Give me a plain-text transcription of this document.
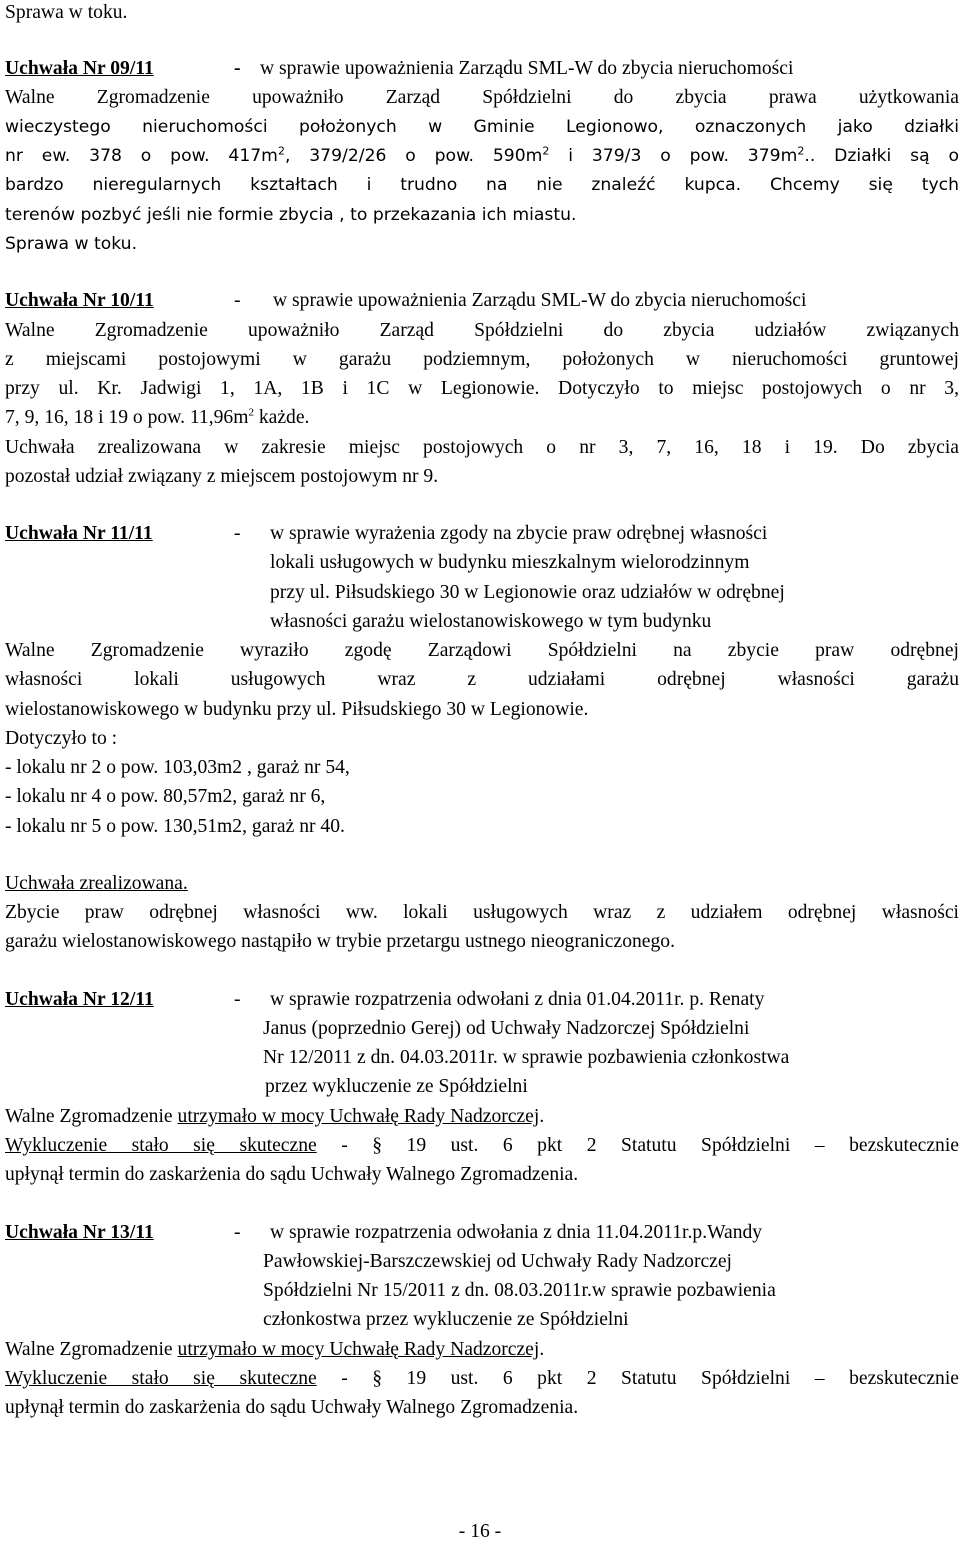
Sprawa w toku.
Uchwała Nr 09/11	- w sprawie upoważnienia Zarządu SML-W do zbycia nieruchomości
Walne Zgromadzenie upoważniło Zarząd Spółdzielni do zbycia prawa użytkowania
wieczystego nieruchomości położonych w Gminie Legionowo, oznaczonych jako działki
nr ew. 378 o pow. $417m^2$, 379/2/26 o pow. $590m^2$ i 379/3 o pow. $379m^2$.. Działki są o
bardzo nieregularnych kształtach i trudno na nie znaleźć kupca. Chcemy się tych
terenów pozbyć jeśli nie formie zbycia , to przekazania ich miastu.
Sprawa w toku.
Uchwała Nr 10/11	- w sprawie upoważnienia Zarządu SML-W do zbycia nieruchomości
Walne Zgromadzenie upoważniło Zarząd Spółdzielni do zbycia udziałów związanych
z miejscami postojowymi w garażu podziemnym, położonych w nieruchomości gruntowej
przy ul. Kr. Jadwigi 1, 1A, 1B i 1C w Legionowie. Dotyczyło to miejsc postojowych o nr 3,
7, 9, 16, 18 i 19 o pow. $11,96m^2$ każde.
Uchwała zrealizowana w zakresie miejsc postojowych o nr 3, 7, 16, 18 i 19. Do zbycia
pozostał udział związany z miejscem postojowym nr 9.
Uchwała Nr 11/11	- w sprawie wyrażenia zgody na zbycie praw odrębnej własności
lokali usługowych w budynku mieszkalnym wielorodzinnym
przy ul. Piłsudskiego 30 w Legionowie oraz udziałów w odrębnej
własności garażu wielostanowiskowego w tym budynku
Walne Zgromadzenie wyraziło zgodę Zarządowi Spółdzielni na zbycie praw odrębnej
własności lokali usługowych wraz z udziałami odrębnej własności garażu
wielostanowiskowego w budynku przy ul. Piłsudskiego 30 w Legionowie.
Dotyczyło to :
- lokalu nr 2 o pow. 103,03m2 , garaż nr 54,
- lokalu nr 4 o pow. 80,57m2, garaż nr 6,
- lokalu nr 5 o pow. 130,51m2, garaż nr 40.
Uchwała zrealizowana.
Zbycie praw odrębnej własności ww. lokali usługowych wraz z udziałem odrębnej własności
garażu wielostanowiskowego nastąpiło w trybie przetargu ustnego nieograniczonego.
Uchwała Nr 12/11	- w sprawie rozpatrzenia odwołani z dnia 01.04.2011r. p. Renaty
Janus (poprzednio Gerej) od Uchwały Nadzorczej Spółdzielni
Nr 12/2011 z dn. 04.03.2011r. w sprawie pozbawienia członkostwa
przez wykluczenie ze Spółdzielni
Walne Zgromadzenie utrzymało w mocy Uchwałę Rady Nadzorczej.
Wykluczenie stało się skuteczne - § 19 ust. 6 pkt 2 Statutu Spółdzielni – bezskutecznie
upłynął termin do zaskarżenia do sądu Uchwały Walnego Zgromadzenia.
Uchwała Nr 13/11	- w sprawie rozpatrzenia odwołania z dnia 11.04.2011r.p.Wandy
Pawłowskiej-Barszczewskiej od Uchwały Rady Nadzorczej
Spółdzielni Nr 15/2011 z dn. 08.03.2011r.w sprawie pozbawienia
członkostwa przez wykluczenie ze Spółdzielni
Walne Zgromadzenie utrzymało w mocy Uchwałę Rady Nadzorczej.
Wykluczenie stało się skuteczne - § 19 ust. 6 pkt 2 Statutu Spółdzielni – bezskutecznie
upłynął termin do zaskarżenia do sądu Uchwały Walnego Zgromadzenia.
- 16 -
